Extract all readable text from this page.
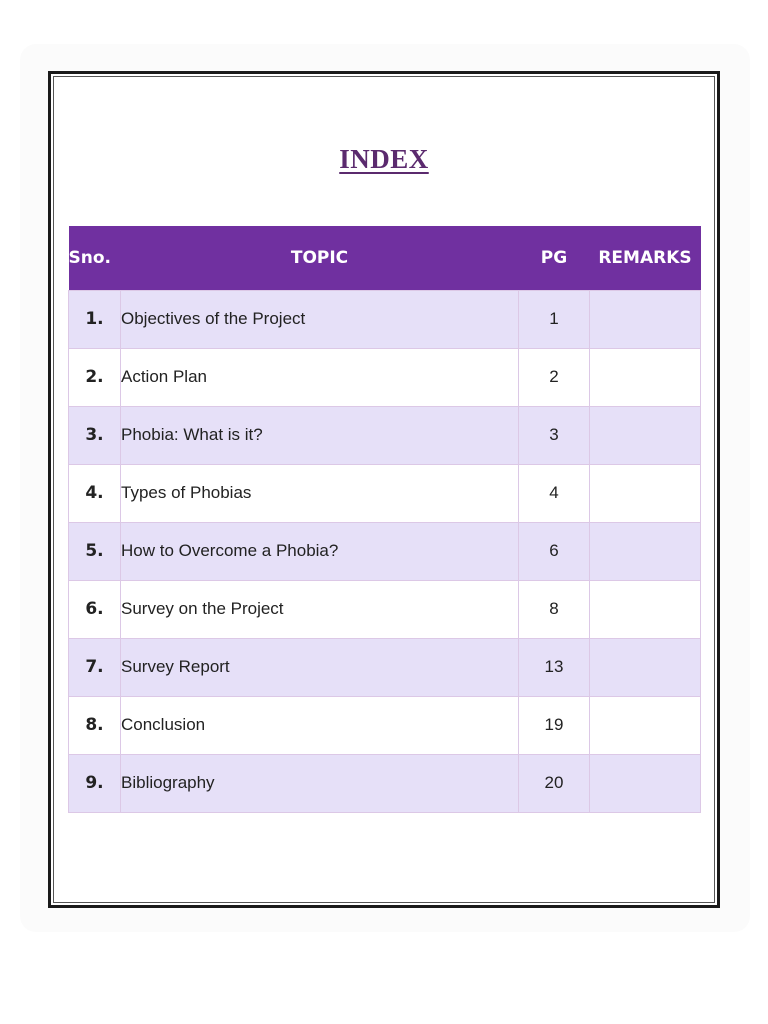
INDEX
Sno.	TOPIC	PG	REMARKS
1.	Objectives of the Project	1	
2.	Action Plan	2	
3.	Phobia: What is it?	3	
4.	Types of Phobias	4	
5.	How to Overcome a Phobia?	6	
6.	Survey on the Project	8	
7.	Survey Report	13	
8.	Conclusion	19	
9.	Bibliography	20	
